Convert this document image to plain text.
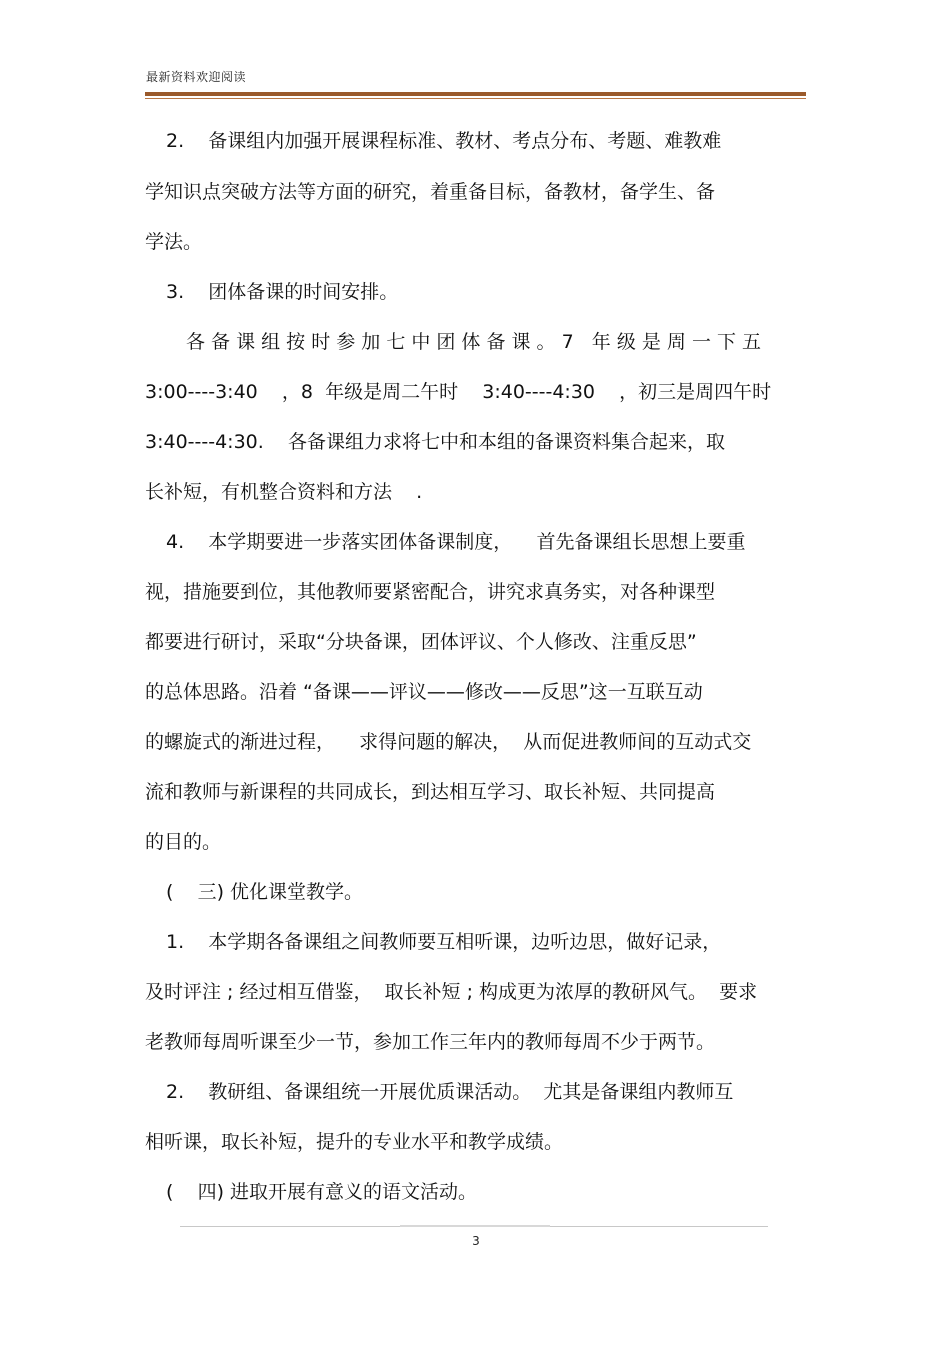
最新资料欢迎阅读
2.    备课组内加强开展课程标准、教材、考点分布、考题、难教难
学知识点突破方法等方面的研究，着重备目标，备教材，备学生、备
学法。
3.    团体备课的时间安排。
各 备 课 组 按 时 参 加 七 中 团 体 备 课 。 7   年 级 是 周 一 下 五
3:00----3:40    ，8  年级是周二午时    3:40----4:30    ，初三是周四午时
3:40----4:30.    各备课组力求将七中和本组的备课资料集合起来，取
长补短，有机整合资料和方法    .
4.    本学期要进一步落实团体备课制度，    首先备课组长思想上要重
视，措施要到位，其他教师要紧密配合，讲究求真务实，对各种课型
都要进行研讨，采取“分块备课，团体评议、个人修改、注重反思”
的总体思路。沿着 “备课——评议——修改——反思”这一互联互动
的螺旋式的渐进过程，    求得问题的解决，  从而促进教师间的互动式交
流和教师与新课程的共同成长，到达相互学习、取长补短、共同提高
的目的。
(    三) 优化课堂教学。
1.    本学期各备课组之间教师要互相听课，边听边思，做好记录，
及时评注 ; 经过相互借鉴，  取长补短 ; 构成更为浓厚的教研风气。  要求
老教师每周听课至少一节，参加工作三年内的教师每周不少于两节。
2.    教研组、备课组统一开展优质课活动。  尤其是备课组内教师互
相听课，取长补短，提升的专业水平和教学成绩。
(    四) 进取开展有意义的语文活动。
3
